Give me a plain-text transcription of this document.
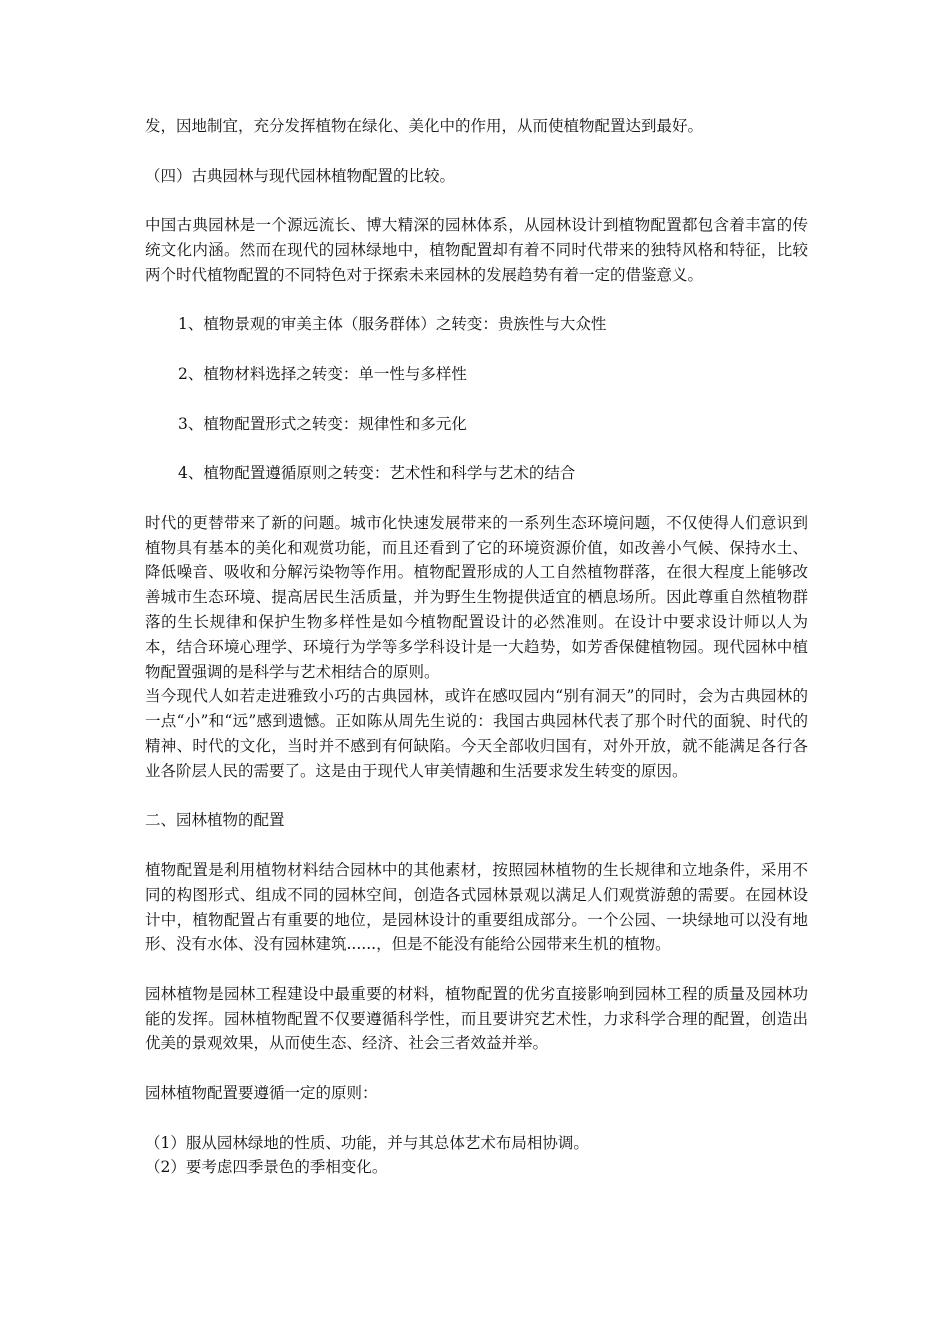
发，因地制宜，充分发挥植物在绿化、美化中的作用，从而使植物配置达到最好。

（四）古典园林与现代园林植物配置的比较。

中国古典园林是一个源远流长、博大精深的园林体系，从园林设计到植物配置都包含着丰富的传统文化内涵。然而在现代的园林绿地中，植物配置却有着不同时代带来的独特风格和特征，比较两个时代植物配置的不同特色对于探索未来园林的发展趋势有着一定的借鉴意义。

1、植物景观的审美主体（服务群体）之转变：贵族性与大众性

2、植物材料选择之转变：单一性与多样性

3、植物配置形式之转变：规律性和多元化

4、植物配置遵循原则之转变：艺术性和科学与艺术的结合

时代的更替带来了新的问题。城市化快速发展带来的一系列生态环境问题，不仅使得人们意识到植物具有基本的美化和观赏功能，而且还看到了它的环境资源价值，如改善小气候、保持水土、降低噪音、吸收和分解污染物等作用。植物配置形成的人工自然植物群落，在很大程度上能够改善城市生态环境、提高居民生活质量，并为野生生物提供适宜的栖息场所。因此尊重自然植物群落的生长规律和保护生物多样性是如今植物配置设计的必然准则。在设计中要求设计师以人为本，结合环境心理学、环境行为学等多学科设计是一大趋势，如芳香保健植物园。现代园林中植物配置强调的是科学与艺术相结合的原则。

当今现代人如若走进雅致小巧的古典园林，或许在感叹园内“别有洞天”的同时，会为古典园林的一点“小”和“远”感到遗憾。正如陈从周先生说的：我国古典园林代表了那个时代的面貌、时代的精神、时代的文化，当时并不感到有何缺陷。今天全部收归国有，对外开放，就不能满足各行各业各阶层人民的需要了。这是由于现代人审美情趣和生活要求发生转变的原因。

二、园林植物的配置

植物配置是利用植物材料结合园林中的其他素材，按照园林植物的生长规律和立地条件，采用不同的构图形式、组成不同的园林空间，创造各式园林景观以满足人们观赏游憩的需要。在园林设计中，植物配置占有重要的地位，是园林设计的重要组成部分。一个公园、一块绿地可以没有地形、没有水体、没有园林建筑......，但是不能没有能给公园带来生机的植物。

园林植物是园林工程建设中最重要的材料，植物配置的优劣直接影响到园林工程的质量及园林功能的发挥。园林植物配置不仅要遵循科学性，而且要讲究艺术性，力求科学合理的配置，创造出优美的景观效果，从而使生态、经济、社会三者效益并举。

园林植物配置要遵循一定的原则：

（1）服从园林绿地的性质、功能，并与其总体艺术布局相协调。

（2）要考虑四季景色的季相变化。
